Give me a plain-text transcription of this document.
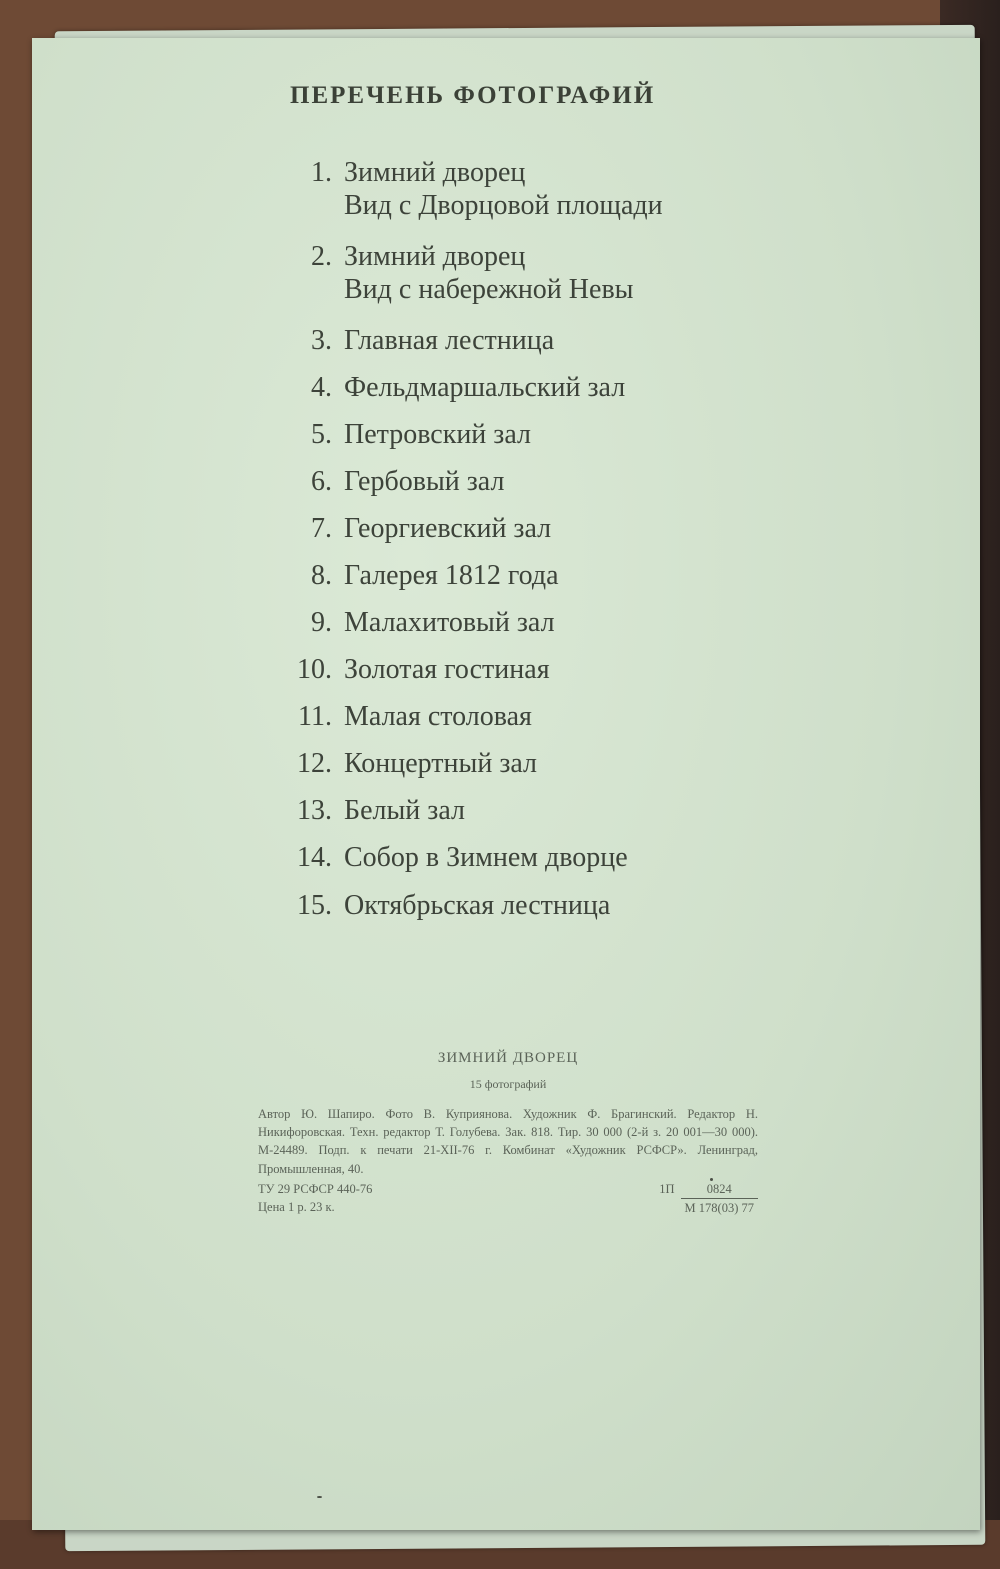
ПЕРЕЧЕНЬ ФОТОГРАФИЙ
1. Зимний дворец
Вид с Дворцовой площади
2. Зимний дворец
Вид с набережной Невы
3. Главная лестница
4. Фельдмаршальский зал
5. Петровский зал
6. Гербовый зал
7. Георгиевский зал
8. Галерея 1812 года
9. Малахитовый зал
10. Золотая гостиная
11. Малая столовая
12. Концертный зал
13. Белый зал
14. Собор в Зимнем дворце
15. Октябрьская лестница
ЗИМНИЙ ДВОРЕЦ
15 фотографий

Автор Ю. Шапиро. Фото В. Куприянова. Художник Ф. Брагинский. Редактор Н. Никифоровская. Техн. редактор Т. Голубева. Зак. 818. Тир. 30 000 (2-й з. 20 001—30 000). М-24489. Подп. к печати 21-XII-76 г. Комбинат «Художник РСФСР». Ленинград, Промышленная, 40.

ТУ 29 РСФСР 440-76
Цена 1 р. 23 к.
$1П \frac{0824}{М 178(03) 77}$
